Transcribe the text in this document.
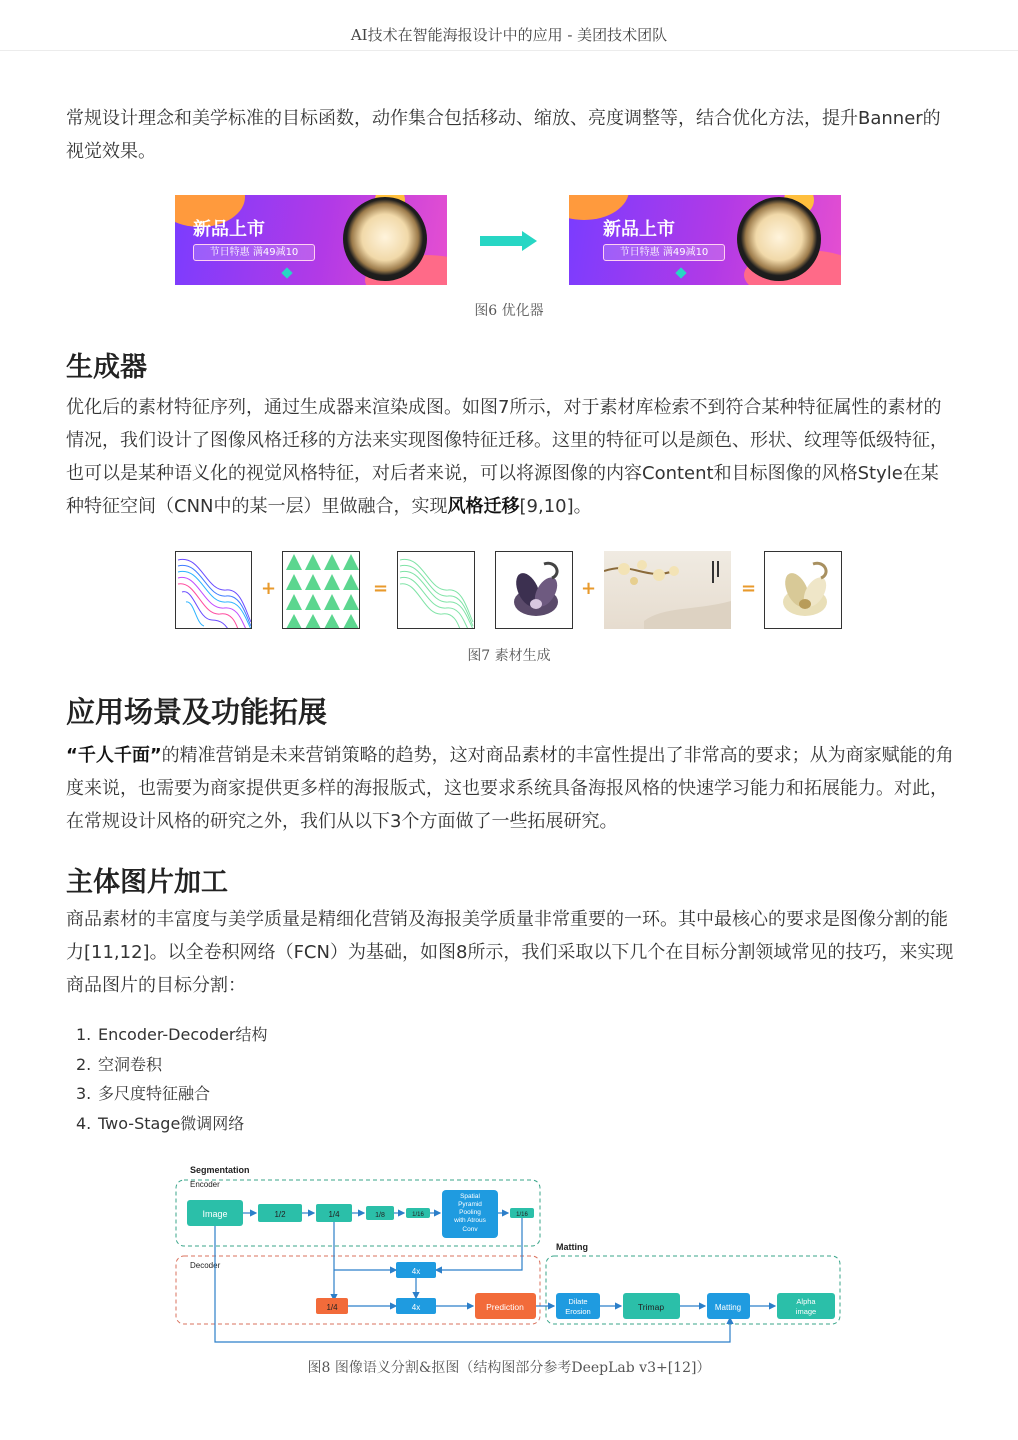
AI技术在智能海报设计中的应用 - 美团技术团队

常规设计理念和美学标准的目标函数，动作集合包括移动、缩放、亮度调整等，结合优化方法，提升Banner的视觉效果。

新品上市
节日特惠 满49减10
新品上市
节日特惠 满49减10
图6 优化器
生成器

优化后的素材特征序列，通过生成器来渲染成图。如图7所示，对于素材库检索不到符合某种特征属性的素材的情况，我们设计了图像风格迁移的方法来实现图像特征迁移。这里的特征可以是颜色、形状、纹理等低级特征，也可以是某种语义化的视觉风格特征，对后者来说，可以将源图像的内容Content和目标图像的风格Style在某种特征空间（CNN中的某一层）里做融合，实现风格迁移[9,10]。

+	=	+	=
图7 素材生成
应用场景及功能拓展

“千人千面”的精准营销是未来营销策略的趋势，这对商品素材的丰富性提出了非常高的要求；从为商家赋能的角度来说，也需要为商家提供更多样的海报版式，这也要求系统具备海报风格的快速学习能力和拓展能力。对此，在常规设计风格的研究之外，我们从以下3个方面做了一些拓展研究。

主体图片加工

商品素材的丰富度与美学质量是精细化营销及海报美学质量非常重要的一环。其中最核心的要求是图像分割的能力[11,12]。以全卷积网络（FCN）为基础，如图8所示，我们采取以下几个在目标分割领域常见的技巧，来实现商品图片的目标分割：

1. Encoder-Decoder结构
2. 空洞卷积
3. 多尺度特征融合
4. Two-Stage微调网络
Segmentation
Encoder
Decoder
Matting
Image	1/2	1/4	1/8	1/16
Spatial
Pyramid
Pooling
with Atrous
Conv
1/16
4x
1/4	4x	Prediction
Dilate
Erosion	Trimap	Matting
Alpha
image
图8 图像语义分割&抠图（结构图部分参考DeepLab v3+[12]）
